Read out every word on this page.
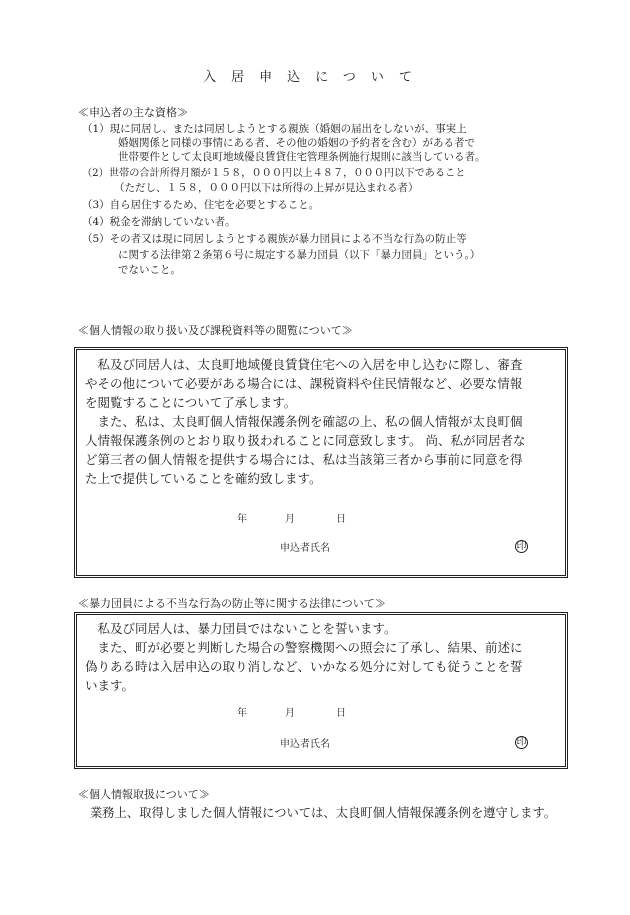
入居申込について
≪申込者の主な資格≫
（1）現に同居し、または同居しようとする親族（婚姻の届出をしないが、事実上
婚姻関係と同様の事情にある者、その他の婚姻の予約者を含む）がある者で
世帯要件として太良町地域優良賃貸住宅管理条例施行規則に該当している者。
（2）世帯の合計所得月額が１５８，０００円以上４８７，０００円以下であること
（ただし、１５８，０００円以下は所得の上昇が見込まれる者）
（3）自ら居住するため、住宅を必要とすること。
（4）税金を滞納していない者。
（5）その者又は現に同居しようとする親族が暴力団員による不当な行為の防止等
に関する法律第２条第６号に規定する暴力団員（以下「暴力団員」という。）
でないこと。
≪個人情報の取り扱い及び課税資料等の閲覧について≫
　私及び同居人は、太良町地域優良賃貸住宅への入居を申し込むに際し、審査
やその他について必要がある場合には、課税資料や住民情報など、必要な情報
を閲覧することについて了承します。
　また、私は、太良町個人情報保護条例を確認の上、私の個人情報が太良町個
人情報保護条例のとおり取り扱われることに同意致します。 尚、私が同居者な
ど第三者の個人情報を提供する場合には、私は当該第三者から事前に同意を得
た上で提供していることを確約致します。
年	月	日
申込者氏名	印
≪暴力団員による不当な行為の防止等に関する法律について≫
　私及び同居人は、暴力団員ではないことを誓います。
　また、町が必要と判断した場合の警察機関への照会に了承し、結果、前述に
偽りある時は入居申込の取り消しなど、いかなる処分に対しても従うことを誓
います。
年	月	日
申込者氏名	印
≪個人情報取扱について≫
業務上、取得しました個人情報については、太良町個人情報保護条例を遵守します。
